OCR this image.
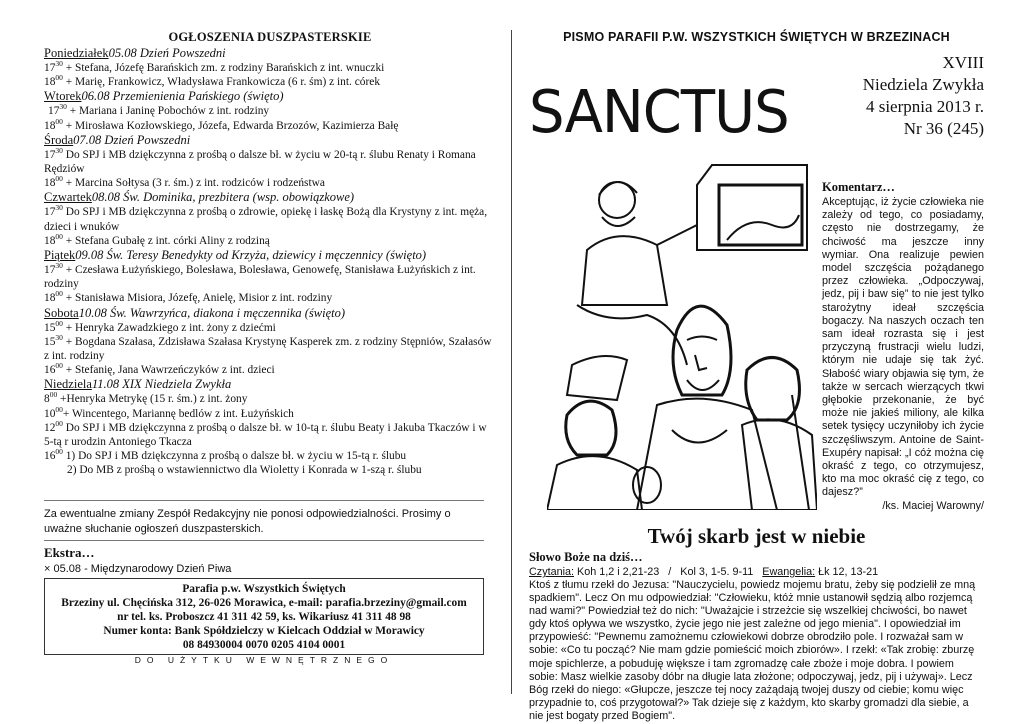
OGŁOSZENIA DUSZPASTERSKIE
Poniedziałek05.08 Dzień Powszedni
$17^{30}$ + Stefana, Józefę Barańskich zm. z rodziny Barańskich z int. wnuczki
$18^{00}$ + Marię, Frankowicz, Władysława Frankowicza (6 r. śm) z int. córek
Wtorek06.08 Przemienienia Pańskiego (święto)
$17^{30}$ + Mariana i Janinę Pobochów z int. rodziny
$18^{00}$ + Mirosława Kozłowskiego, Józefa, Edwarda Brzozów, Kazimierza Bałę
Środa07.08 Dzień Powszedni
$17^{30}$ Do SPJ i MB dziękczynna z prośbą o dalsze bł. w życiu w 20-tą r. ślubu Renaty i Romana Rędziów
$18^{00}$ + Marcina Sołtysa (3 r. śm.) z int. rodziców i rodzeństwa
Czwartek08.08 Św. Dominika, prezbitera (wsp. obowiązkowe)
$17^{30}$ Do SPJ i MB dziękczynna z prośbą o zdrowie, opiekę i łaskę Bożą dla Krystyny z int. męża, dzieci i wnuków
$18^{00}$ + Stefana Gubałę z int. córki Aliny z rodziną
Piątek09.08 Św. Teresy Benedykty od Krzyża, dziewicy i męczennicy (święto)
$17^{30}$ + Czesława Łużyńskiego, Bolesława, Bolesława, Genowefę, Stanisława Łużyńskich z int. rodziny
$18^{00}$ + Stanisława Misiora, Józefę, Anielę, Misior z int. rodziny
Sobota10.08 Św. Wawrzyńca, diakona i męczennika (święto)
$15^{00}$ + Henryka Zawadzkiego z int. żony z dziećmi
$15^{30}$ + Bogdana Szałasa, Zdzisława Szałasa Krystynę Kasperek zm. z rodziny Stępniów, Szałasów z int. rodziny
$16^{00}$ + Stefanię, Jana Wawrzeńczyków z int. dzieci
Niedziela11.08 XIX Niedziela Zwykła
$8^{00}$ +Henryka Metrykę (15 r. śm.) z int. żony
$10^{00}+$ Wincentego, Mariannę bedlów z int. Łużyńskich
$12^{00}$ Do SPJ i MB dziękczynna z prośbą o dalsze bł. w 10-tą r. ślubu Beaty i Jakuba Tkaczów i w 5-tą r urodzin Antoniego Tkacza
$16^{00}$ 1) Do SPJ i MB dziękczynna z prośbą o dalsze bł. w życiu w 15-tą r. ślubu
2) Do MB z prośbą o wstawiennictwo dla Wioletty i Konrada w 1-szą r. ślubu
Za ewentualne zmiany Zespół Redakcyjny nie ponosi odpowiedzialności. Prosimy o uważne słuchanie ogłoszeń duszpasterskich.
Ekstra…
× 05.08 - Międzynarodowy Dzień Piwa
Parafia p.w. Wszystkich Świętych
Brzeziny ul. Chęcińska 312, 26-026 Morawica, e-mail: parafia.brzeziny@gmail.com
nr tel. ks. Proboszcz 41 311 42 59, ks. Wikariusz 41 311 48 98
Numer konta: Bank Spółdzielczy w Kielcach Oddział w Morawicy
08 84930004 0070 0205 4104 0001
DO UŻYTKU WEWNĘTRZNEGO
PISMO PARAFII P.W. WSZYSTKICH ŚWIĘTYCH W BRZEZINACH
SANCTUS
XVIII
Niedziela Zwykła
4 sierpnia 2013 r.
Nr 36 (245)
Komentarz…
Akceptując, iż życie człowieka nie zależy od tego, co posiadamy, często nie dostrzegamy, że chciwość ma jeszcze inny wymiar. Ona realizuje pewien model szczęścia pożądanego przez człowieka. „Odpoczywaj, jedz, pij i baw się” to nie jest tylko starożytny ideał szczęścia bogaczy. Na naszych oczach ten sam ideał rozrasta się i jest przyczyną frustracji wielu ludzi, którym nie udaje się tak żyć. Słabość wiary objawia się tym, że także w sercach wierzących tkwi głębokie przekonanie, że być może nie jakieś miliony, ale kilka setek tysięcy uczyniłoby ich życie szczęśliwszym. Antoine de Saint-Exupéry napisał: „I cóż można cię okraść z tego, co otrzymujesz, kto ma moc okraść cię z tego, co dajesz?”
/ks. Maciej Warowny/
Twój skarb jest w niebie
Słowo Boże na dziś…
Czytania: Koh 1,2 i 2,21-23 / Kol 3, 1-5. 9-11 Ewangelia: Łk 12, 13-21
Ktoś z tłumu rzekł do Jezusa: "Nauczycielu, powiedz mojemu bratu, żeby się podzielił ze mną spadkiem". Lecz On mu odpowiedział: "Człowieku, któż mnie ustanowił sędzią albo rozjemcą nad wami?" Powiedział też do nich: "Uważajcie i strzeżcie się wszelkiej chciwości, bo nawet gdy ktoś opływa we wszystko, życie jego nie jest zależne od jego mienia". I opowiedział im przypowieść: "Pewnemu zamożnemu człowiekowi dobrze obrodziło pole. I rozważał sam w sobie: «Co tu począć? Nie mam gdzie pomieścić moich zbiorów». I rzekł: «Tak zrobię: zburzę moje spichlerze, a pobuduję większe i tam zgromadzę całe zboże i moje dobra. I powiem sobie: Masz wielkie zasoby dóbr na długie lata złożone; odpoczywaj, jedz, pij i używaj». Lecz Bóg rzekł do niego: «Głupcze, jeszcze tej nocy zażądają twojej duszy od ciebie; komu więc przypadnie to, coś przygotował?» Tak dzieje się z każdym, kto skarby gromadzi dla siebie, a nie jest bogaty przed Bogiem".
